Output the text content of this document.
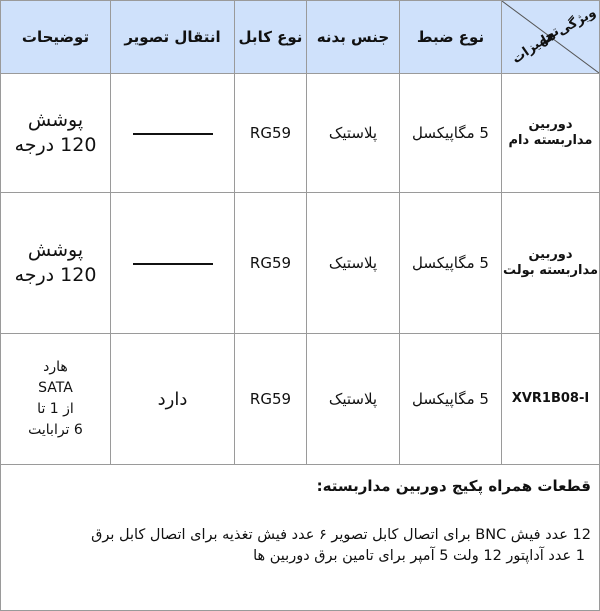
توضیحات	انتقال تصویر	نوع کابل	جنس بدنه	نوع ضبط	ویژگی ها
تجهیزات

پوشش
120 درجه		RG59	پلاستیک	5 مگاپیکسل	دوربین مداربسته دام

پوشش
120 درجه		RG59	پلاستیک	5 مگاپیکسل	دوربین مداربسته بولت

هارد
SATA
از 1 تا
6 ترابایت	دارد	RG59	پلاستیک	5 مگاپیکسل	XVR1B08-I

قطعات همراه پکیج دوربین مداربسته:
12 عدد فیش BNC برای اتصال کابل تصویر ۶ عدد فیش تغذیه برای اتصال کابل برق
1 عدد آداپتور 12 ولت 5 آمپر برای تامین برق دوربین ها					
